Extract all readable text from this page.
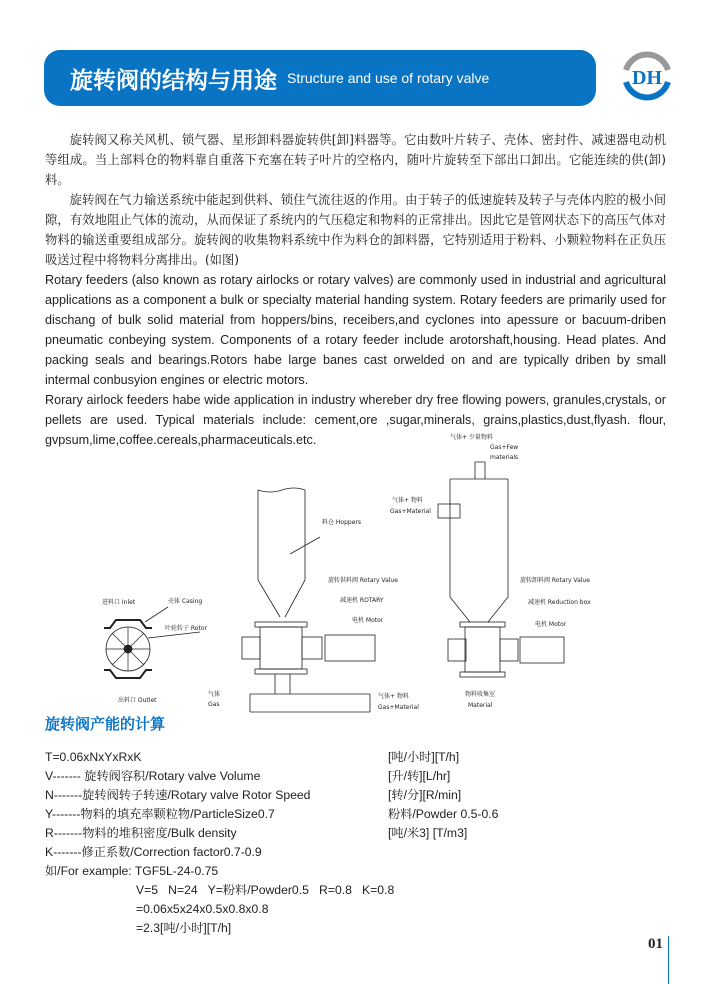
旋转阀的结构与用途 Structure and use of rotary valve	DH

旋转阀又称关风机、锁气器、星形卸料器旋转供[卸]料器等。它由数叶片转子、壳体、密封件、减速器电动机等组成。当上部料仓的物料靠自重落下充塞在转子叶片的空格内，随叶片旋转至下部出口卸出。它能连续的供(卸)料。

旋转阀在气力输送系统中能起到供料、锁住气流往返的作用。由于转子的低速旋转及转子与壳体内腔的极小间隙，有效地阻止气体的流动，从而保证了系统内的气压稳定和物料的正常排出。因此它是管网状态下的高压气体对物料的输送重要组成部分。旋转阀的收集物料系统中作为料仓的卸料器，它特别适用于粉料、小颗粒物料在正负压吸送过程中将物料分离排出。(如图)

Rotary feeders (also known as rotary airlocks or rotary valves) are commonly used in industrial and agricultural applications as a component a bulk or specialty material handing system. Rotary feeders are primarily used for dischang of bulk solid material from hoppers/bins, receibers,and cyclones into apessure or bacuum-driben pneumatic conbeying system. Components of a rotary feeder include arotorshaft,housing. Head plates. And packing seals and bearings.Rotors habe large banes cast orwelded on and are typically driben by small intermal conbusyion engines or electric motors.

Rorary airlock feeders habe wide application in industry whereber dry free flowing powers, granules,crystals, or pellets are used. Typical materials include: cement,ore ,sugar,minerals, grains,plastics,dust,flyash. flour, gvpsum,lime,coffee.cereals,pharmaceuticals.etc.

进料口 Inlet	壳体 Casing
叶轮转子 Rotor
出料口 Outlet
气体
Gas
料仓 Hoppers
旋转供料阀 Rotary Value
减速机 ROTARY
电机 Motor
气体+ 物料
Gas+Material
气体+ 少量物料
Gas+Few
materials
气体+ 物料
Gas+Material
旋转卸料阀 Rotary Value
减速机 Reduction box
电机 Motor
物料收集室
Material
旋转阀产能的计算
T=0.06xNxYxRxK	[吨/小时][T/h]
V------- 旋转阀容积/Rotary valve Volume	[升/转][L/hr]
N-------旋转阀转子转速/Rotary valve Rotor Speed	[转/分][R/min]
Y-------物料的填充率颗粒物/ParticleSize0.7	粉料/Powder 0.5-0.6
R-------物料的堆积密度/Bulk density	[吨/米3] [T/m3]
K-------修正系数/Correction factor0.7-0.9
如/For example: TGF5L-24-0.75
V=5   N=24   Y=粉料/Powder0.5   R=0.8   K=0.8
=0.06x5x24x0.5x0.8x0.8
=2.3[吨/小时][T/h]
01
